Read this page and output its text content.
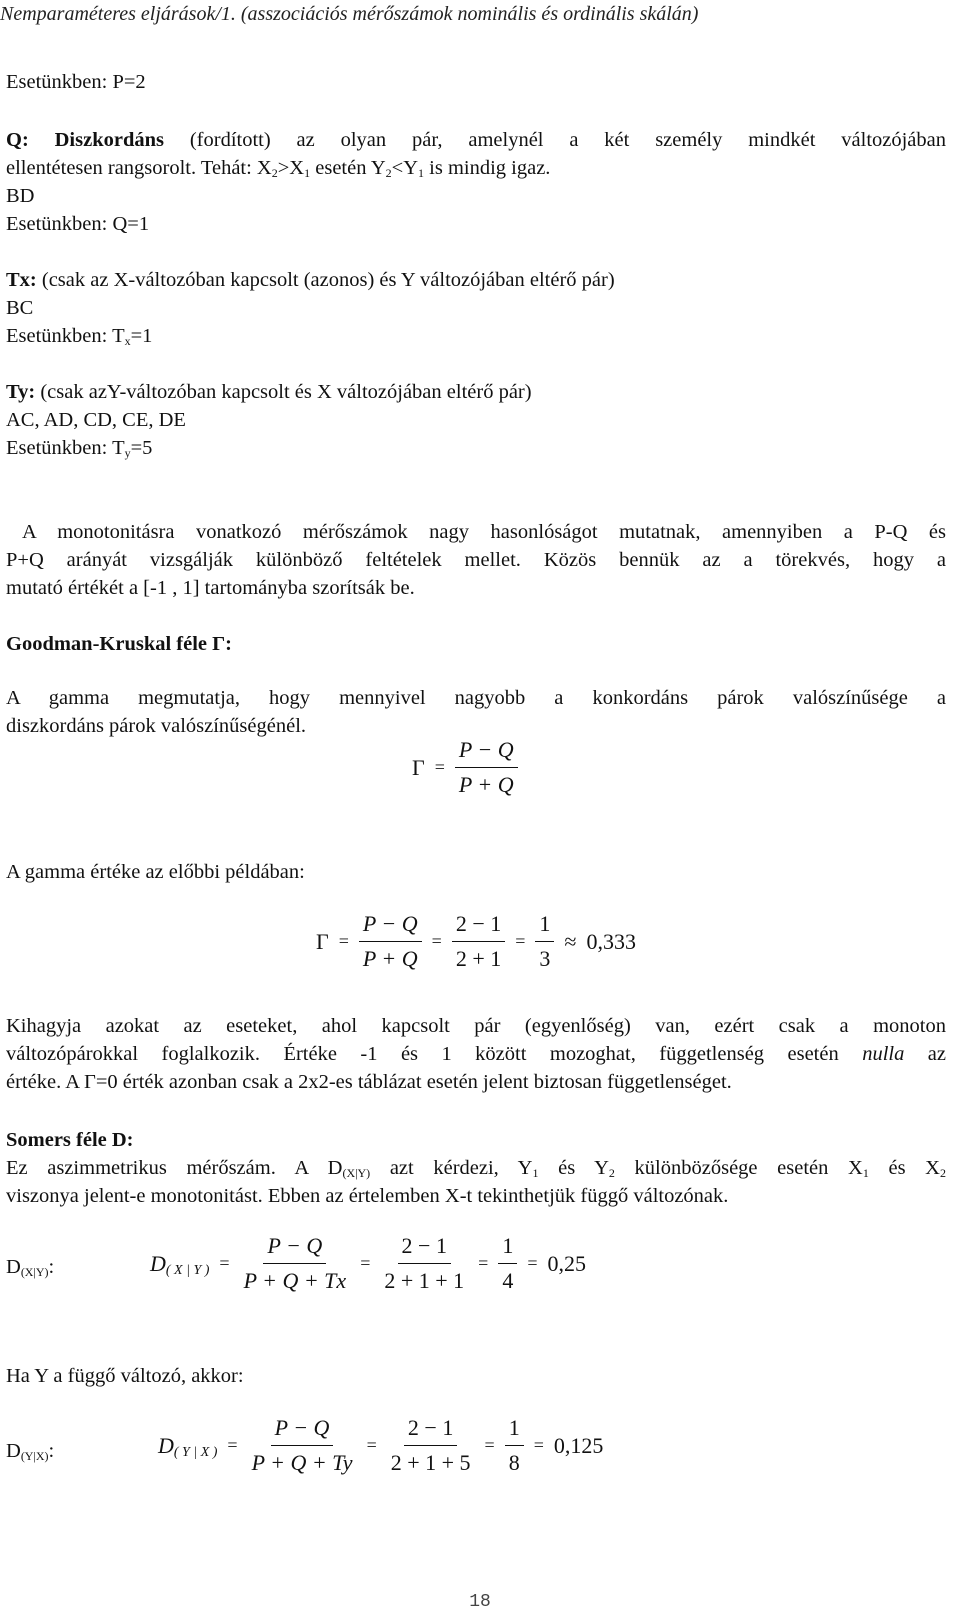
Nemparaméteres eljárások/1. (asszociációs mérőszámok nominális és ordinális skálán)
Esetünkben: P=2
Q: Diszkordáns (fordított) az olyan pár, amelynél a két személy mindkét változójában
ellentétesen rangsorolt. Tehát: $X_2>X_1$ esetén $Y_2<Y_1$ is mindig igaz.
BD
Esetünkben: Q=1
Tx: (csak az X-változóban kapcsolt (azonos) és Y változójában eltérő pár)
BC
Esetünkben: $T_x=1$
Ty: (csak azY-változóban kapcsolt és X változójában eltérő pár)
AC, AD, CD, CE, DE
Esetünkben: $T_y=5$
A monotonitásra vonatkozó mérőszámok nagy hasonlóságot mutatnak, amennyiben a P-Q és
P+Q arányát vizsgálják különböző feltételek mellet. Közös bennük az a törekvés, hogy a
mutató értékét a [-1 , 1] tartományba szorítsák be.
Goodman-Kruskal féle Γ:
A gamma megmutatja, hogy mennyivel nagyobb a konkordáns párok valószínűsége a
diszkordáns párok valószínűségénél.
$\Gamma = \frac{P - Q}{P + Q}$
A gamma értéke az előbbi példában:
$\Gamma = \frac{P - Q}{P + Q} = \frac{2 - 1}{2 + 1} = \frac{1}{3} \approx 0,333$
Kihagyja azokat az eseteket, ahol kapcsolt pár (egyenlőség) van, ezért csak a monoton
változópárokkal foglalkozik. Értéke -1 és 1 között mozoghat, függetlenség esetén nulla az
értéke. A Γ=0 érték azonban csak a 2x2-es táblázat esetén jelent biztosan függetlenséget.
Somers féle D:
Ez aszimmetrikus mérőszám. A $D_{(X|Y)}$ azt kérdezi, $Y_1$ és $Y_2$ különbözősége esetén $X_1$ és $X_2$
viszonya jelent-e monotonitást. Ebben az értelemben X-t tekinthetjük függő változónak.
$D_{(X|Y)}$:	$D_{( X | Y )} = \frac{P - Q}{P + Q + Tx} = \frac{2 - 1}{2 + 1 + 1} = \frac{1}{4} = 0,25$
Ha Y a függő változó, akkor:
$D_{(Y|X)}$:	$D_{( Y | X )} = \frac{P - Q}{P + Q + Ty} = \frac{2 - 1}{2 + 1 + 5} = \frac{1}{8} = 0,125$
18
